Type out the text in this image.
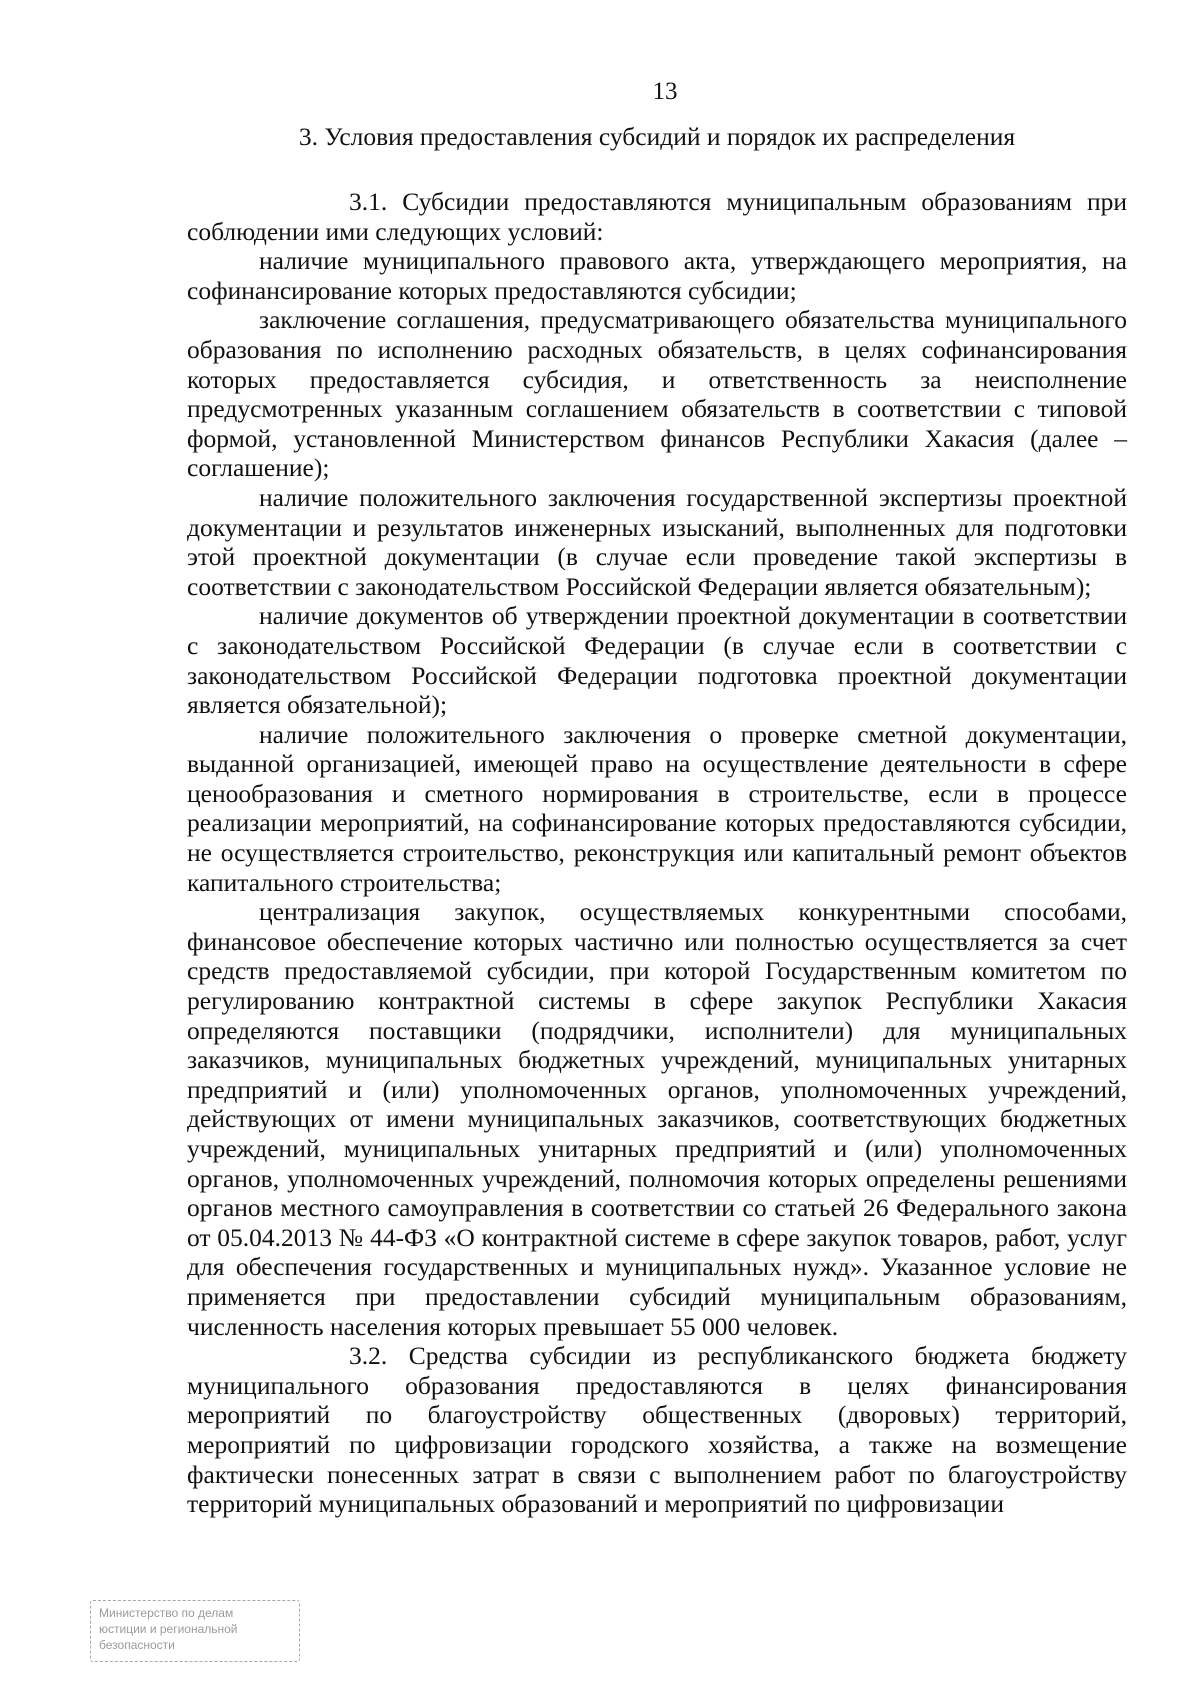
13
3. Условия предоставления субсидий и порядок их распределения

3.1. Субсидии предоставляются муниципальным образованиям при соблюдении ими следующих условий:

наличие муниципального правового акта, утверждающего мероприятия, на софинансирование которых предоставляются субсидии;

заключение соглашения, предусматривающего обязательства муниципального образования по исполнению расходных обязательств, в целях софинансирования которых предоставляется субсидия, и ответственность за неисполнение предусмотренных указанным соглашением обязательств в соответствии с типовой формой, установленной Министерством финансов Республики Хакасия (далее – соглашение);

наличие положительного заключения государственной экспертизы проектной документации и результатов инженерных изысканий, выполненных для подготовки этой проектной документации (в случае если проведение такой экспертизы в соответствии с законодательством Российской Федерации является обязательным);

наличие документов об утверждении проектной документации в соответствии с законодательством Российской Федерации (в случае если в соответствии с законодательством Российской Федерации подготовка проектной документации является обязательной);

наличие положительного заключения о проверке сметной документации, выданной организацией, имеющей право на осуществление деятельности в сфере ценообразования и сметного нормирования в строительстве, если в процессе реализации мероприятий, на софинансирование которых предоставляются субсидии, не осуществляется строительство, реконструкция или капитальный ремонт объектов капитального строительства;

централизация закупок, осуществляемых конкурентными способами, финансовое обеспечение которых частично или полностью осуществляется за счет средств предоставляемой субсидии, при которой Государственным комитетом по регулированию контрактной системы в сфере закупок Республики Хакасия определяются поставщики (подрядчики, исполнители) для муниципальных заказчиков, муниципальных бюджетных учреждений, муниципальных унитарных предприятий и (или) уполномоченных органов, уполномоченных учреждений, действующих от имени муниципальных заказчиков, соответствующих бюджетных учреждений, муниципальных унитарных предприятий и (или) уполномоченных органов, уполномоченных учреждений, полномочия которых определены решениями органов местного самоуправления в соответствии со статьей 26 Федерального закона от 05.04.2013 № 44-ФЗ «О контрактной системе в сфере закупок товаров, работ, услуг для обеспечения государственных и муниципальных нужд». Указанное условие не применяется при предоставлении субсидий муниципальным образованиям, численность населения которых превышает 55 000 человек.

3.2. Средства субсидии из республиканского бюджета бюджету муниципального образования предоставляются в целях финансирования мероприятий по благоустройству общественных (дворовых) территорий, мероприятий по цифровизации городского хозяйства, а также на возмещение фактически понесенных затрат в связи с выполнением работ по благоустройству территорий муниципальных образований и мероприятий по цифровизации

Министерство по делам
юстиции и региональной
безопасности
